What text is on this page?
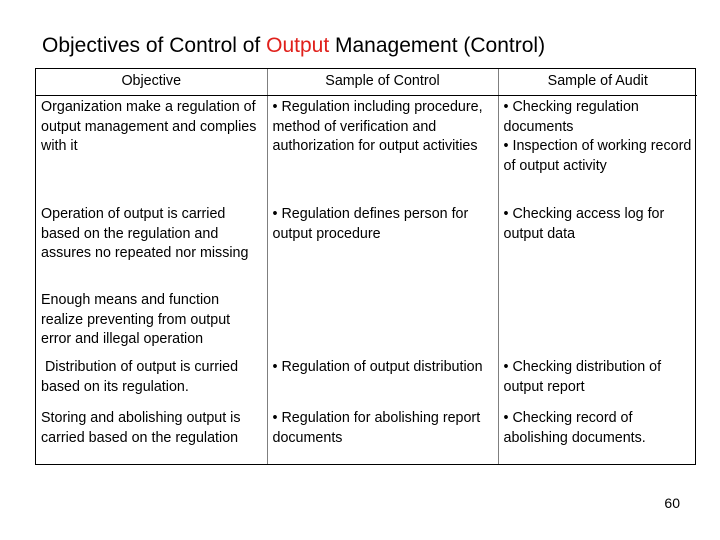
Objectives of Control of Output Management (Control)
Objective	Sample of Control	Sample of Audit
Organization make a regulation of output management and complies with it	• Regulation including procedure, method of verification and authorization for output activities	• Checking regulation documents
• Inspection of working record of output activity

Operation of output is carried based on the regulation and assures no repeated nor missing	• Regulation defines person for output procedure	• Checking access log for output data

Enough means and function realize preventing from output error and illegal operation	

Distribution of output is curried based on its regulation.	• Regulation of output distribution	• Checking distribution of output report

Storing and abolishing output is carried based on the regulation	• Regulation for abolishing report documents	• Checking record of abolishing documents.
60
